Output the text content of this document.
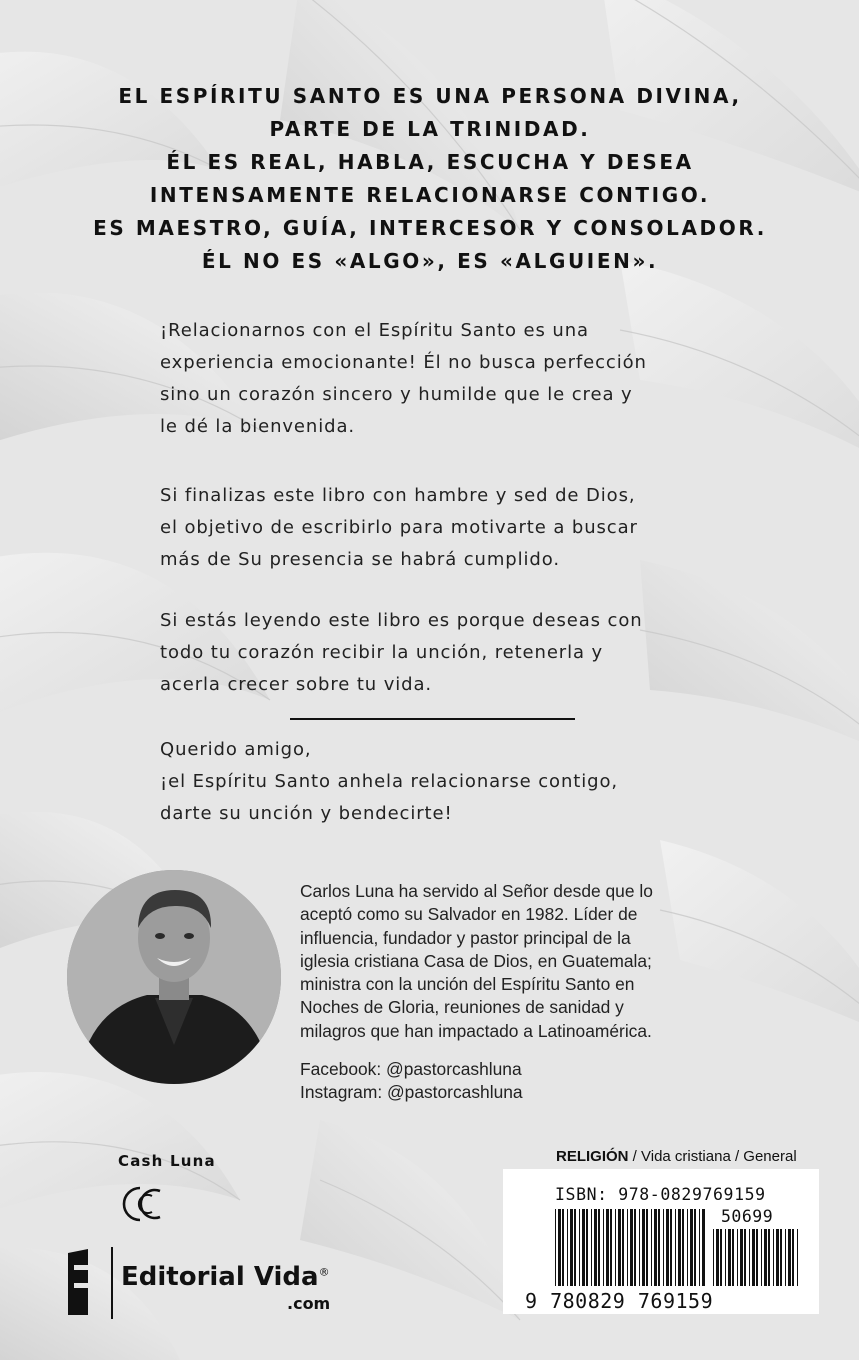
EL ESPÍRITU SANTO ES UNA PERSONA DIVINA,
PARTE DE LA TRINIDAD.
ÉL ES REAL, HABLA, ESCUCHA Y DESEA
INTENSAMENTE RELACIONARSE CONTIGO.
ES MAESTRO, GUÍA, INTERCESOR Y CONSOLADOR.
ÉL NO ES «ALGO», ES «ALGUIEN».
¡Relacionarnos con el Espíritu Santo es una
experiencia emocionante! Él no busca perfección
sino un corazón sincero y humilde que le crea y
le dé la bienvenida.
Si finalizas este libro con hambre y sed de Dios,
el objetivo de escribirlo para motivarte a buscar
más de Su presencia se habrá cumplido.
Si estás leyendo este libro es porque deseas con
todo tu corazón recibir la unción, retenerla y
acerla crecer sobre tu vida.
Querido amigo,
¡el Espíritu Santo anhela relacionarse contigo,
darte su unción y bendecirte!
Carlos Luna ha servido al Señor desde que lo
aceptó como su Salvador en 1982. Líder de
influencia, fundador y pastor principal de la
iglesia cristiana Casa de Dios, en Guatemala;
ministra con la unción del Espíritu Santo en
Noches de Gloria, reuniones de sanidad y
milagros que han impactado a Latinoamérica.
Facebook: @pastorcashluna
Instagram: @pastorcashluna
Cash Luna
Editorial Vida®
.com
RELIGIÓN / Vida cristiana / General
ISBN: 978-0829769159
50699
9 780829 769159
